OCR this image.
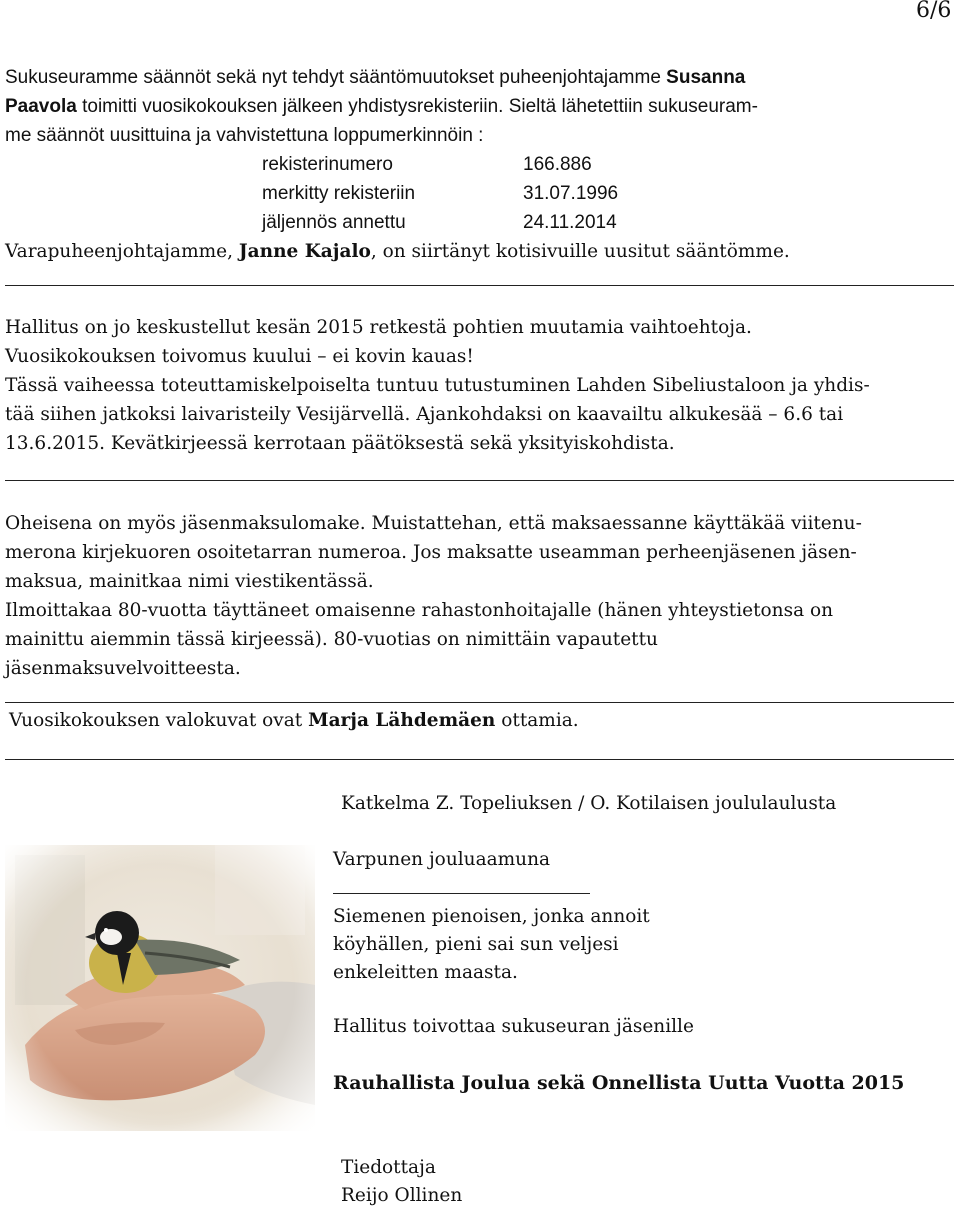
6/6

Sukuseuramme säännöt sekä nyt tehdyt sääntömuutokset puheenjohtajamme Susanna

Paavola toimitti vuosikokouksen jälkeen yhdistysrekisteriin. Sieltä lähetettiin sukuseuram-

me säännöt uusittuina ja vahvistettuna loppumerkinnöin :

rekisterinumero	166.886
merkitty rekisteriin	31.07.1996
jäljennös annettu	24.11.2014

Varapuheenjohtajamme, Janne Kajalo, on siirtänyt kotisivuille uusitut sääntömme.

Hallitus on jo keskustellut kesän 2015 retkestä pohtien muutamia vaihtoehtoja.

Vuosikokouksen toivomus kuului – ei kovin kauas!

Tässä vaiheessa toteuttamiskelpoiselta tuntuu tutustuminen Lahden Sibeliustaloon ja yhdis-

tää siihen jatkoksi laivaristeily Vesijärvellä. Ajankohdaksi on kaavailtu alkukesää – 6.6 tai

13.6.2015. Kevätkirjeessä kerrotaan päätöksestä sekä yksityiskohdista.

Oheisena on myös jäsenmaksulomake. Muistattehan, että maksaessanne käyttäkää viitenu-

merona kirjekuoren osoitetarran numeroa. Jos maksatte useamman perheenjäsenen jäsen-

maksua, mainitkaa nimi viestikentässä.

Ilmoittakaa 80-vuotta täyttäneet omaisenne rahastonhoitajalle (hänen yhteystietonsa on

mainittu aiemmin tässä kirjeessä). 80-vuotias on nimittäin vapautettu

jäsenmaksuvelvoitteesta.

Vuosikokouksen valokuvat ovat Marja Lähdemäen ottamia.
Katkelma Z. Topeliuksen / O. Kotilaisen joululaulusta
Varpunen jouluaamuna
Siemenen pienoisen, jonka annoit
köyhällen, pieni sai sun veljesi
enkeleitten maasta.
Hallitus toivottaa sukuseuran jäsenille
Rauhallista Joulua sekä Onnellista Uutta Vuotta 2015
Tiedottaja
Reijo Ollinen
